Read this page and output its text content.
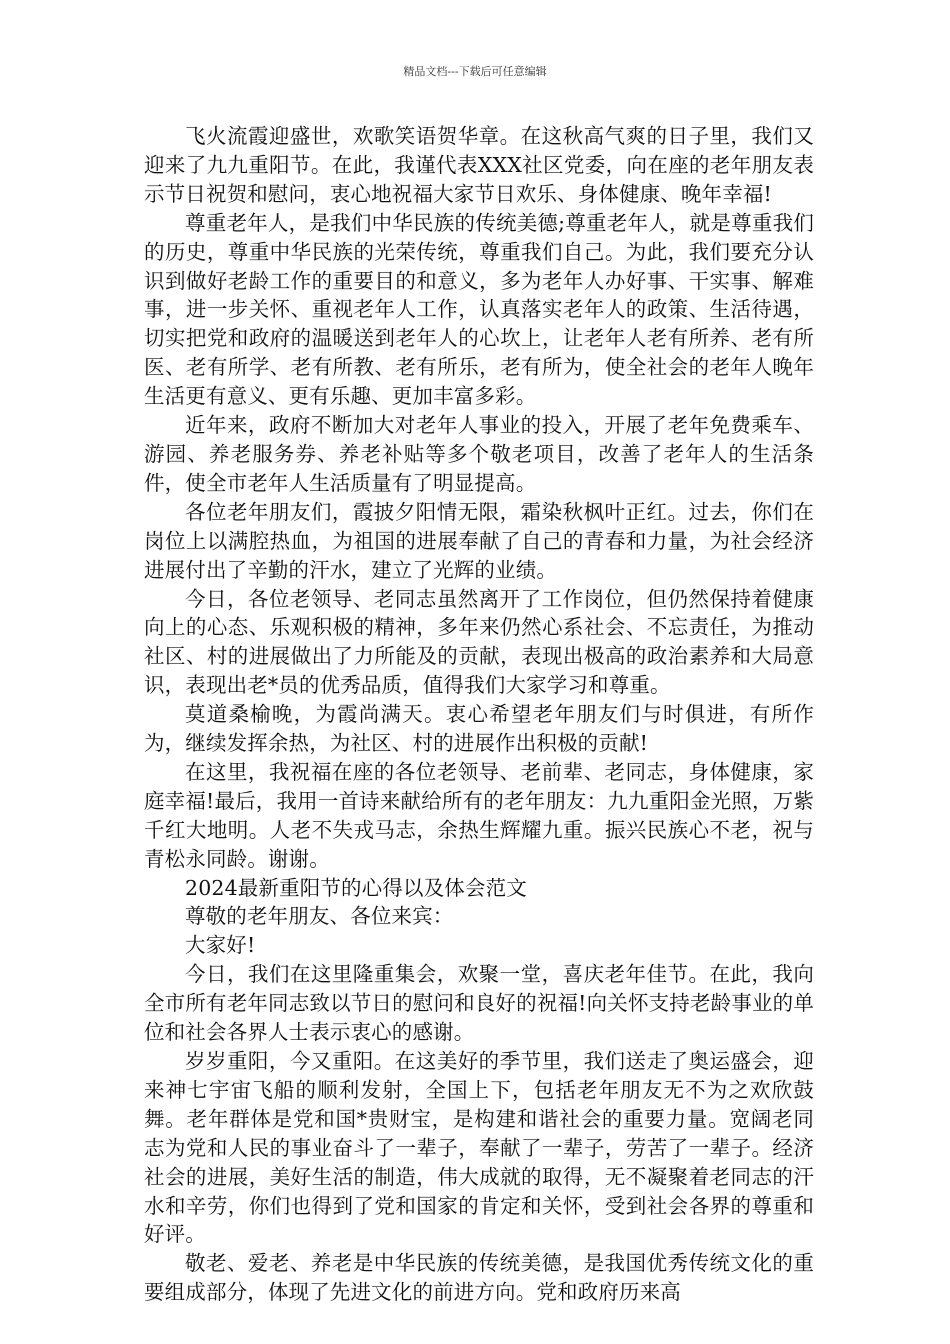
精品文档---下载后可任意编辑

飞火流霞迎盛世，欢歌笑语贺华章。在这秋高气爽的日子里，我们又迎来了九九重阳节。在此，我谨代表XXX社区党委，向在座的老年朋友表示节日祝贺和慰问，衷心地祝福大家节日欢乐、身体健康、晚年幸福!

尊重老年人，是我们中华民族的传统美德;尊重老年人，就是尊重我们的历史，尊重中华民族的光荣传统，尊重我们自己。为此，我们要充分认识到做好老龄工作的重要目的和意义，多为老年人办好事、干实事、解难事，进一步关怀、重视老年人工作，认真落实老年人的政策、生活待遇，切实把党和政府的温暖送到老年人的心坎上，让老年人老有所养、老有所医、老有所学、老有所教、老有所乐，老有所为，使全社会的老年人晚年生活更有意义、更有乐趣、更加丰富多彩。

近年来，政府不断加大对老年人事业的投入，开展了老年免费乘车、游园、养老服务券、养老补贴等多个敬老项目，改善了老年人的生活条件，使全市老年人生活质量有了明显提高。

各位老年朋友们，霞披夕阳情无限，霜染秋枫叶正红。过去，你们在岗位上以满腔热血，为祖国的进展奉献了自己的青春和力量，为社会经济进展付出了辛勤的汗水，建立了光辉的业绩。

今日，各位老领导、老同志虽然离开了工作岗位，但仍然保持着健康向上的心态、乐观积极的精神，多年来仍然心系社会、不忘责任，为推动社区、村的进展做出了力所能及的贡献，表现出极高的政治素养和大局意识，表现出老*员的优秀品质，值得我们大家学习和尊重。

莫道桑榆晚，为霞尚满天。衷心希望老年朋友们与时俱进，有所作为，继续发挥余热，为社区、村的进展作出积极的贡献!

在这里，我祝福在座的各位老领导、老前辈、老同志，身体健康，家庭幸福!最后，我用一首诗来献给所有的老年朋友：九九重阳金光照，万紫千红大地明。人老不失戎马志，余热生辉耀九重。振兴民族心不老，祝与青松永同龄。谢谢。

2024最新重阳节的心得以及体会范文

尊敬的老年朋友、各位来宾：

大家好!

今日，我们在这里隆重集会，欢聚一堂，喜庆老年佳节。在此，我向全市所有老年同志致以节日的慰问和良好的祝福!向关怀支持老龄事业的单位和社会各界人士表示衷心的感谢。

岁岁重阳，今又重阳。在这美好的季节里，我们送走了奥运盛会，迎来神七宇宙飞船的顺利发射，全国上下，包括老年朋友无不为之欢欣鼓舞。老年群体是党和国*贵财宝，是构建和谐社会的重要力量。宽阔老同志为党和人民的事业奋斗了一辈子，奉献了一辈子，劳苦了一辈子。经济社会的进展，美好生活的制造，伟大成就的取得，无不凝聚着老同志的汗水和辛劳，你们也得到了党和国家的肯定和关怀，受到社会各界的尊重和好评。

敬老、爱老、养老是中华民族的传统美德，是我国优秀传统文化的重要组成部分，体现了先进文化的前进方向。党和政府历来高
